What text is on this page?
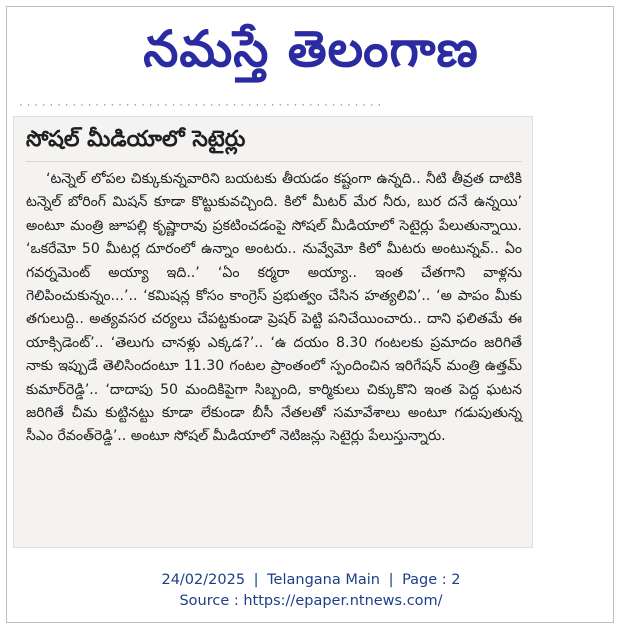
నమస్తే తెలంగాణ
⋅ ⋅ ⋅ ⋅ ⋅ ⋅ ⋅ ⋅ ⋅ ⋅ ⋅ ⋅ ⋅ ⋅ ⋅ ⋅ ⋅ ⋅ ⋅ ⋅ ⋅ ⋅ ⋅ ⋅ ⋅ ⋅ ⋅ ⋅ ⋅ ⋅ ⋅ ⋅ ⋅ ⋅ ⋅ ⋅ ⋅ ⋅ ⋅ ⋅ ⋅ ⋅ ⋅ ⋅ ⋅ ⋅ ⋅ ⋅
సోషల్ మీడియాలో సెటైర్లు

‘టన్నెల్ లోపల చిక్కుకున్నవారిని బయటకు తీయడం కష్టంగా ఉన్నది.. నీటి తీవ్రత దాటికి టన్నెల్ బోరింగ్ మిషన్ కూడా కొట్టుకువచ్చింది. కిలో మీటర్ మేర నీరు, బుర దనే ఉన్నయి’ అంటూ మంత్రి జూపల్లి కృష్ణారావు ప్రకటించడంపై సోషల్ మీడియాలో సెటైర్లు పేలుతున్నాయి. ‘ఒకరేమో 50 మీటర్ల దూరంలో ఉన్నాం అంటరు.. నువ్వేమో కిలో మీటరు అంటున్నవ్.. ఏం గవర్నమెంట్ అయ్యా ఇది..’ ‘ఏం కర్మరా అయ్యా.. ఇంత చేతగాని వాళ్లను గెలిపించుకున్నం...’.. ‘కమిషన్ల కోసం కాంగ్రెస్ ప్రభుత్వం చేసిన హత్యలివి’.. ‘అ పాపం మీకు తగులుద్ది.. అత్యవసర చర్యలు చేపట్టకుండా ప్రెషర్ పెట్టి పనిచేయించారు.. దాని ఫలితమే ఈ యాక్సిడెంట్’.. ‘తెలుగు చానళ్లు ఎక్కడ?’.. ‘ఉ దయం 8.30 గంటలకు ప్రమాదం జరిగితే నాకు ఇప్పుడే తెలిసిందంటూ 11.30 గంటల ప్రాంతంలో స్పందించిన ఇరిగేషన్ మంత్రి ఉత్తమ్ కుమార్‌రెడ్డి’.. ‘దాదాపు 50 మందికిపైగా సిబ్బంది, కార్మికులు చిక్కుకొని ఇంత పెద్ద ఘటన జరిగితే చీమ కుట్టినట్టు కూడా లేకుండా బీసీ నేతలతో సమావేశాలు అంటూ గడుపుతున్న సీఎం రేవంత్‌రెడ్డి’.. అంటూ సోషల్ మీడియాలో నెటిజన్లు సెటైర్లు పేలుస్తున్నారు.

24/02/2025 | Telangana Main | Page : 2
Source : https://epaper.ntnews.com/
